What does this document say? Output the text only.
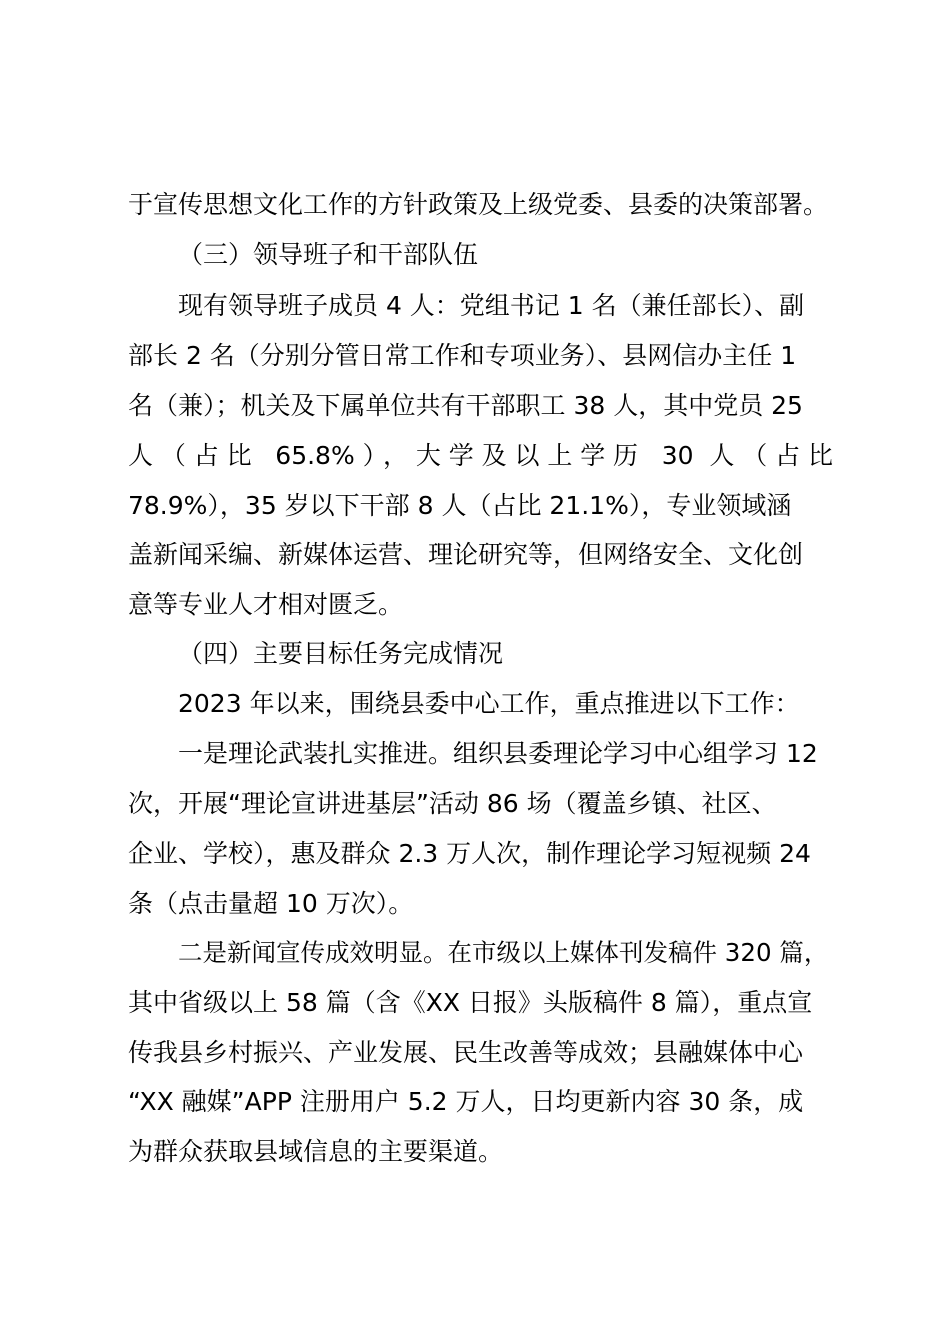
于宣传思想文化工作的方针政策及上级党委、县委的决策部署。
（三）领导班子和干部队伍
现有领导班子成员 4 人：党组书记 1 名（兼任部长）、副
部长 2 名（分别分管日常工作和专项业务）、县网信办主任 1
名（兼）；机关及下属单位共有干部职工 38 人，其中党员 25
人（占比 65.8%），大学及以上学历 30 人（占比
78.9%），35 岁以下干部 8 人（占比 21.1%），专业领域涵
盖新闻采编、新媒体运营、理论研究等，但网络安全、文化创
意等专业人才相对匮乏。
（四）主要目标任务完成情况
2023 年以来，围绕县委中心工作，重点推进以下工作：
一是理论武装扎实推进。组织县委理论学习中心组学习 12
次，开展“理论宣讲进基层”活动 86 场（覆盖乡镇、社区、
企业、学校），惠及群众 2.3 万人次，制作理论学习短视频 24
条（点击量超 10 万次）。
二是新闻宣传成效明显。在市级以上媒体刊发稿件 320 篇，
其中省级以上 58 篇（含《XX 日报》头版稿件 8 篇），重点宣
传我县乡村振兴、产业发展、民生改善等成效；县融媒体中心
“XX 融媒”APP 注册用户 5.2 万人，日均更新内容 30 条，成
为群众获取县域信息的主要渠道。
